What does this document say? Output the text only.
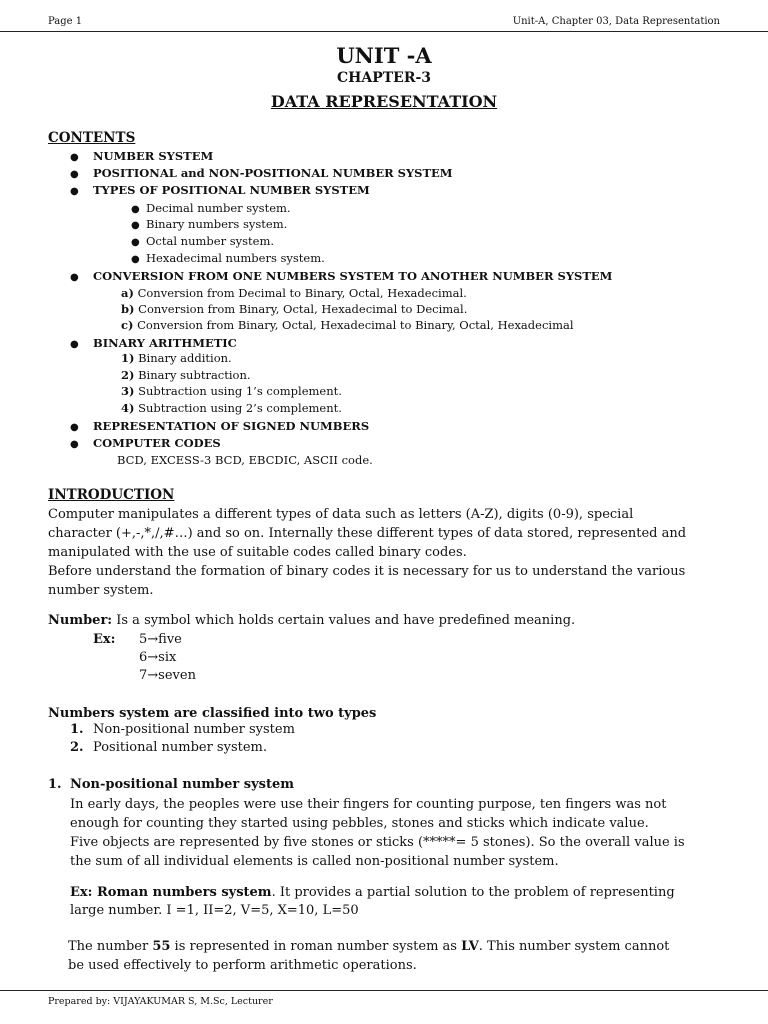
Page 1	Unit-A, Chapter 03, Data Representation
UNIT -A
CHAPTER-3
DATA REPRESENTATION
CONTENTS
● NUMBER SYSTEM
● POSITIONAL and NON-POSITIONAL NUMBER SYSTEM
● TYPES OF POSITIONAL NUMBER SYSTEM
● Decimal number system.
● Binary numbers system.
● Octal number system.
● Hexadecimal numbers system.
● CONVERSION FROM ONE NUMBERS SYSTEM TO ANOTHER NUMBER SYSTEM
a) Conversion from Decimal to Binary, Octal, Hexadecimal.
b) Conversion from Binary, Octal, Hexadecimal to Decimal.
c) Conversion from Binary, Octal, Hexadecimal to Binary, Octal, Hexadecimal
● BINARY ARITHMETIC
1) Binary addition.
2) Binary subtraction.
3) Subtraction using 1’s complement.
4) Subtraction using 2’s complement.
● REPRESENTATION OF SIGNED NUMBERS
● COMPUTER CODES
BCD, EXCESS-3 BCD, EBCDIC, ASCII code.
INTRODUCTION
Computer manipulates a different types of data such as letters (A-Z), digits (0-9), special
character (+,-,*,/,#…) and so on. Internally these different types of data stored, represented and
manipulated with the use of suitable codes called binary codes.
Before understand the formation of binary codes it is necessary for us to understand the various
number system.
Number: Is a symbol which holds certain values and have predefined meaning.
Ex: 5→five
6→six
7→seven
Numbers system are classified into two types
1. Non-positional number system
2. Positional number system.
1. Non-positional number system
In early days, the peoples were use their fingers for counting purpose, ten fingers was not
enough for counting they started using pebbles, stones and sticks which indicate value.
Five objects are represented by five stones or sticks (*****= 5 stones). So the overall value is
the sum of all individual elements is called non-positional number system.
Ex: Roman numbers system. It provides a partial solution to the problem of representing
large number. I =1, II=2, V=5, X=10, L=50
The number 55 is represented in roman number system as LV. This number system cannot
be used effectively to perform arithmetic operations.
Prepared by: VIJAYAKUMAR S, M.Sc, Lecturer
